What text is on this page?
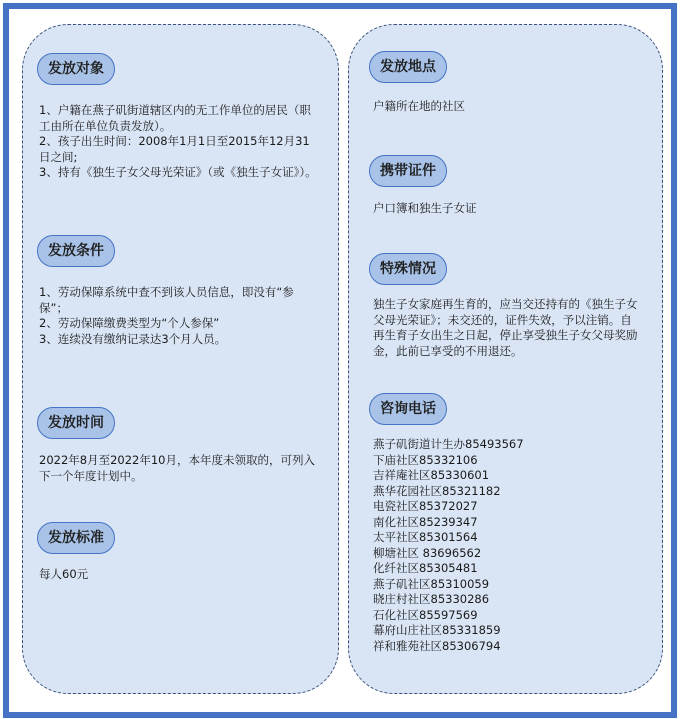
发放对象

1、户籍在燕子矶街道辖区内的无工作单位的居民（职工由所在单位负责发放）。

2、孩子出生时间：2008年1月1日至2015年12月31日之间;

3、持有《独生子女父母光荣证》（或《独生子女证》）。

发放条件

1、劳动保障系统中查不到该人员信息，即没有“参保”；

2、劳动保障缴费类型为“个人参保”

3、连续没有缴纳记录达3个月人员。

发放时间
2022年8月至2022年10月，本年度未领取的，可列入下一个年度计划中。
发放标准
每人60元
发放地点
户籍所在地的社区
携带证件
户口簿和独生子女证
特殊情况
独生子女家庭再生育的，应当交还持有的《独生子女父母光荣证》；未交还的，证件失效，予以注销。自再生育子女出生之日起，停止享受独生子女父母奖励金，此前已享受的不用退还。
咨询电话
燕子矶街道计生办85493567
下庙社区85332106
吉祥庵社区85330601
燕华花园社区85321182
电瓷社区85372027
南化社区85239347
太平社区85301564
柳塘社区 83696562
化纤社区85305481
燕子矶社区85310059
晓庄村社区85330286
石化社区85597569
幕府山庄社区85331859
祥和雅苑社区85306794
